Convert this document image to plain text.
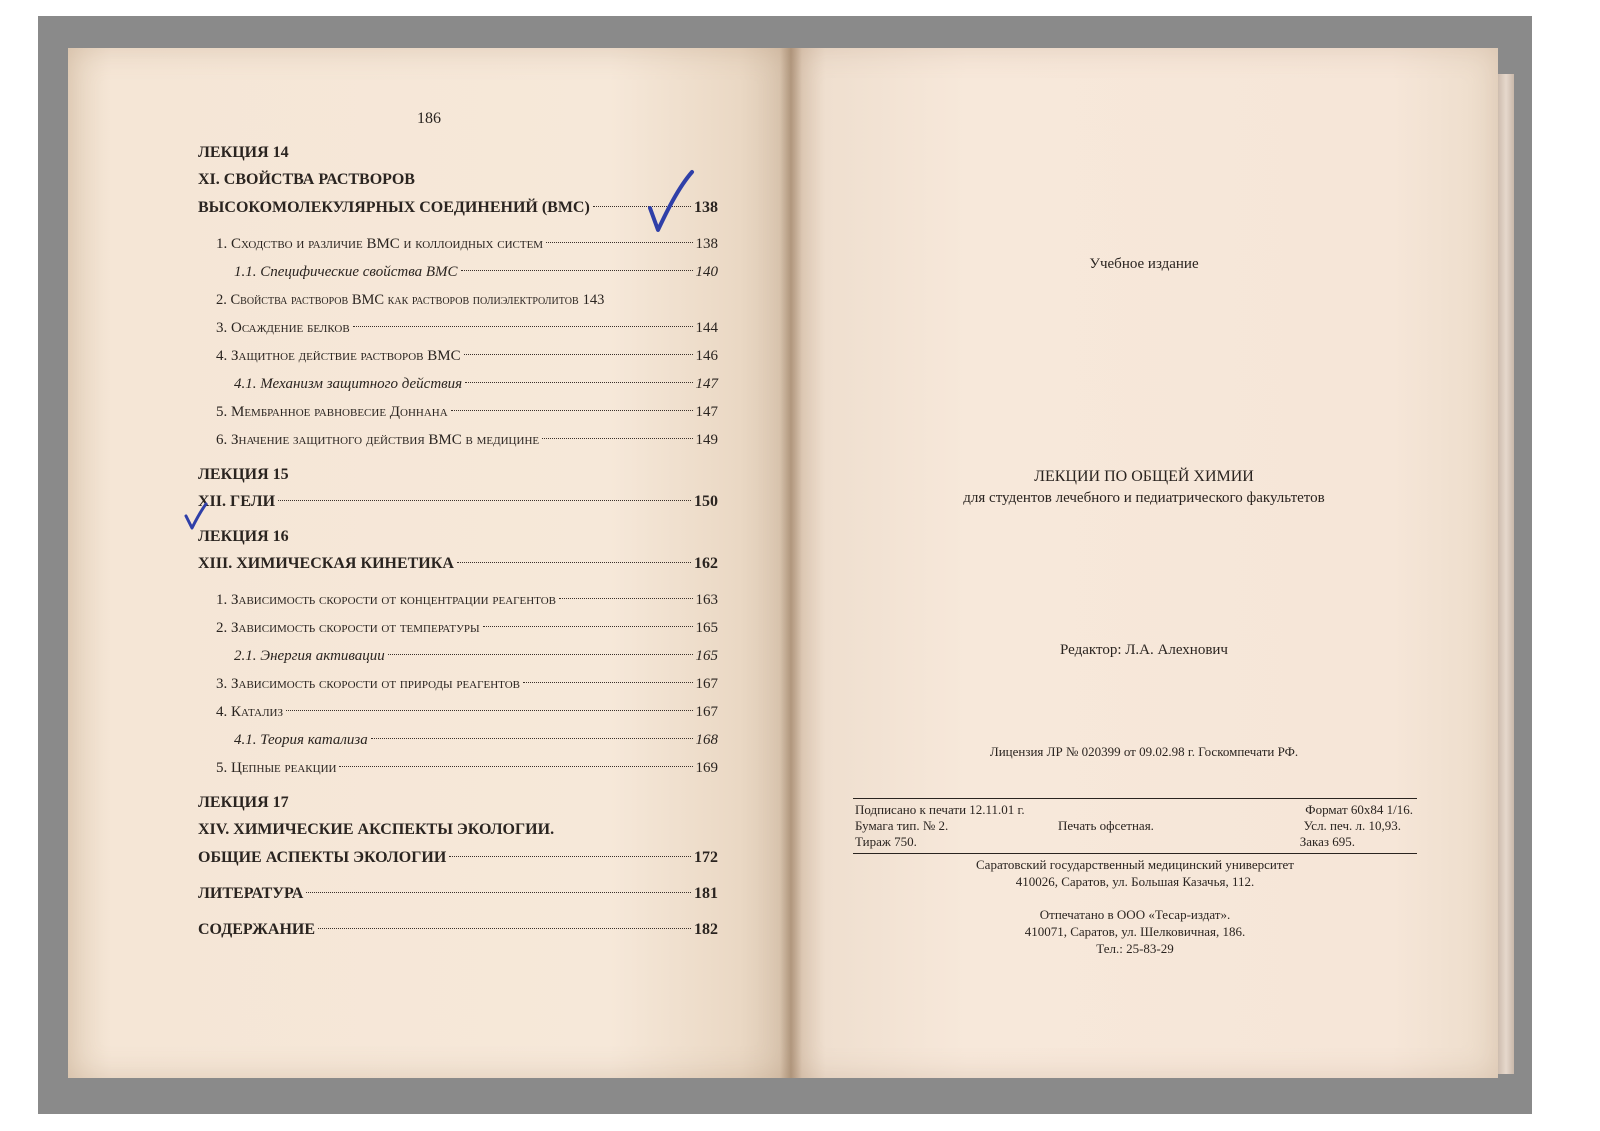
186
ЛЕКЦИЯ 14
XI. СВОЙСТВА РАСТВОРОВ
ВЫСОКОМОЛЕКУЛЯРНЫХ СОЕДИНЕНИЙ (ВМС)	138
1. Сходство и различие ВМС и коллоидных систем	138
1.1. Специфические свойства ВМС	140
2. Свойства растворов ВМС как растворов полиэлектролитов 143
3. Осаждение белков	144
4. Защитное действие растворов ВМС	146
4.1. Механизм защитного действия	147
5. Мембранное равновесие Доннана	147
6. Значение защитного действия ВМС в медицине	149
ЛЕКЦИЯ 15
XII. ГЕЛИ	150
ЛЕКЦИЯ 16
XIII. ХИМИЧЕСКАЯ КИНЕТИКА	162
1. Зависимость скорости от концентрации реагентов	163
2. Зависимость скорости от температуры	165
2.1. Энергия активации	165
3. Зависимость скорости от природы реагентов	167
4. Катализ	167
4.1. Теория катализа	168
5. Цепные реакции	169
ЛЕКЦИЯ 17
XIV. ХИМИЧЕСКИЕ АКСПЕКТЫ ЭКОЛОГИИ.
ОБЩИЕ АСПЕКТЫ ЭКОЛОГИИ	172
ЛИТЕРАТУРА	181
СОДЕРЖАНИЕ	182
Учебное издание
ЛЕКЦИИ ПО ОБЩЕЙ ХИМИИ
для студентов лечебного и педиатрического факультетов
Редактор: Л.А. Алехнович
Лицензия ЛР № 020399 от 09.02.98 г. Госкомпечати РФ.
Подписано к печати 12.11.01 г.	Формат 60х84 1/16.
Бумага тип. № 2.	Печать офсетная.	Усл. печ. л. 10,93.
Тираж 750.	Заказ 695.
Саратовский государственный медицинский университет
410026, Саратов, ул. Большая Казачья, 112.
Отпечатано в ООО «Тесар-издат».
410071, Саратов, ул. Шелковичная, 186.
Тел.: 25-83-29
